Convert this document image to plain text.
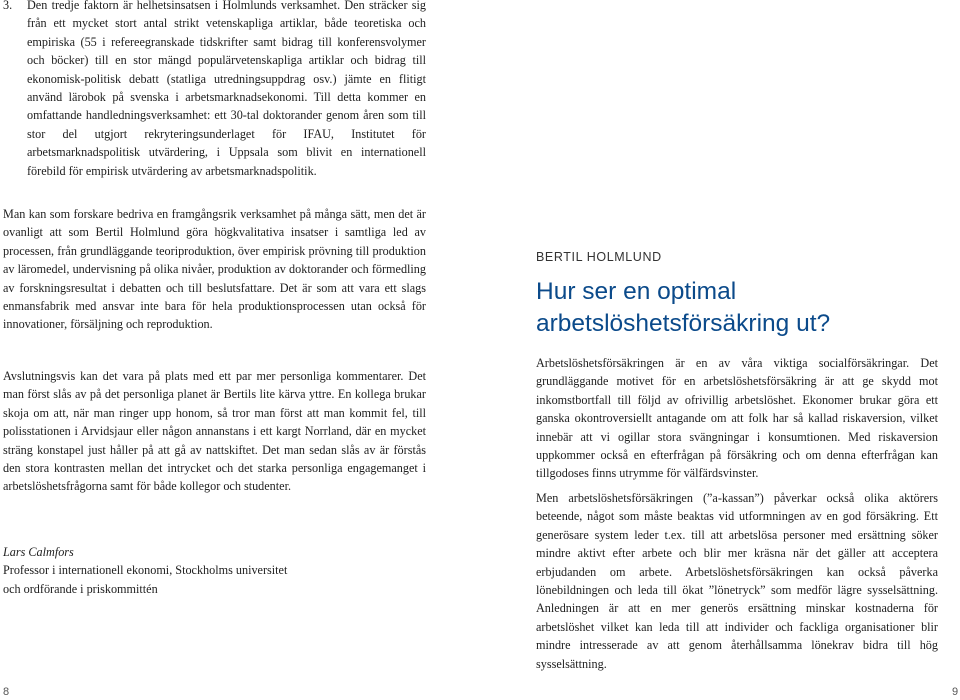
3.	Den tredje faktorn är helhetsinsatsen i Holmlunds verksamhet. Den sträcker sig från ett mycket stort antal strikt vetenskapliga artiklar, både teoretiska och empiriska (55 i refereegranskade tidskrifter samt bidrag till konferensvolymer och böcker) till en stor mängd populärvetenskapliga artiklar och bidrag till ekonomisk-politisk debatt (statliga utredningsuppdrag osv.) jämte en flitigt använd lärobok på svenska i arbetsmarknadsekonomi. Till detta kommer en omfattande handledningsverksamhet: ett 30-tal doktorander genom åren som till stor del utgjort rekryteringsunderlaget för IFAU, Institutet för arbetsmarknadspolitisk utvärdering, i Uppsala som blivit en internationell förebild för empirisk utvärdering av arbetsmarknadspolitik.

Man kan som forskare bedriva en framgångsrik verksamhet på många sätt, men det är ovanligt att som Bertil Holmlund göra högkvalitativa insatser i samtliga led av processen, från grundläggande teoriproduktion, över empirisk prövning till produktion av läromedel, undervisning på olika nivåer, produktion av doktorander och förmedling av forskningsresultat i debatten och till beslutsfattare. Det är som att vara ett slags enmansfabrik med ansvar inte bara för hela produktionsprocessen utan också för innovationer, försäljning och reproduktion.

Avslutningsvis kan det vara på plats med ett par mer personliga kommentarer. Det man först slås av på det personliga planet är Bertils lite kärva yttre. En kollega brukar skoja om att, när man ringer upp honom, så tror man först att man kommit fel, till polisstationen i Arvidsjaur eller någon annanstans i ett kargt Norrland, där en mycket sträng konstapel just håller på att gå av nattskiftet. Det man sedan slås av är förstås den stora kontrasten mellan det intrycket och det starka personliga engagemanget i arbetslöshetsfrågorna samt för både kollegor och studenter.

Lars Calmfors
Professor i internationell ekonomi, Stockholms universitet
och ordförande i priskommittén
8
BERTIL HOLMLUND
Hur ser en optimal arbetslöshetsförsäkring ut?

Arbetslöshetsförsäkringen är en av våra viktiga socialförsäkringar. Det grundläggande motivet för en arbetslöshetsförsäkring är att ge skydd mot inkomstbortfall till följd av ofrivillig arbetslöshet. Ekonomer brukar göra ett ganska okontroversiellt antagande om att folk har så kallad riskaversion, vilket innebär att vi ogillar stora svängningar i konsumtionen. Med riskaversion uppkommer också en efterfrågan på försäkring och om denna efterfrågan kan tillgodoses finns utrymme för välfärdsvinster.

Men arbetslöshetsförsäkringen (”a-kassan”) påverkar också olika aktörers beteende, något som måste beaktas vid utformningen av en god försäkring. Ett generösare system leder t.ex. till att arbetslösa personer med ersättning söker mindre aktivt efter arbete och blir mer kräsna när det gäller att acceptera erbjudanden om arbete. Arbetslöshetsförsäkringen kan också påverka lönebildningen och leda till ökat ”lönetryck” som medför lägre sysselsättning. Anledningen är att en mer generös ersättning minskar kostnaderna för arbetslöshet vilket kan leda till att individer och fackliga organisationer blir mindre intresserade av att genom återhållsamma lönekrav bidra till hög sysselsättning.

9
